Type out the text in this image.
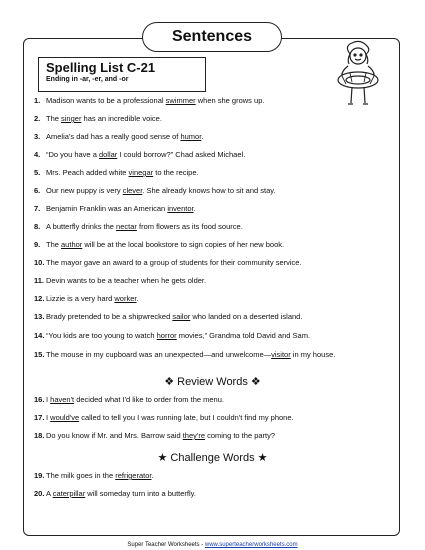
Sentences
Spelling List C-21
Ending in -ar, -er, and -or
1. Madison wants to be a professional swimmer when she grows up.
2. The singer has an incredible voice.
3. Amelia's dad has a really good sense of humor.
4. “Do you have a dollar I could borrow?” Chad asked Michael.
5. Mrs. Peach added white vinegar to the recipe.
6. Our new puppy is very clever. She already knows how to sit and stay.
7. Benjamin Franklin was an American inventor.
8. A butterfly drinks the nectar from flowers as its food source.
9. The author will be at the local bookstore to sign copies of her new book.
10. The mayor gave an award to a group of students for their community service.
11. Devin wants to be a teacher when he gets older.
12. Lizzie is a very hard worker.
13. Brady pretended to be a shipwrecked sailor who landed on a deserted island.
14. “You kids are too young to watch horror movies,” Grandma told David and Sam.
15. The mouse in my cupboard was an unexpected—and unwelcome—visitor in my house.
❖ Review Words ❖
16. I haven't decided what I'd like to order from the menu.
17. I would've called to tell you I was running late, but I couldn't find my phone.
18. Do you know if Mr. and Mrs. Barrow said they're coming to the party?
★ Challenge Words ★
19. The milk goes in the refrigerator.
20. A caterpillar will someday turn into a butterfly.
Super Teacher Worksheets - www.superteacherworksheets.com
